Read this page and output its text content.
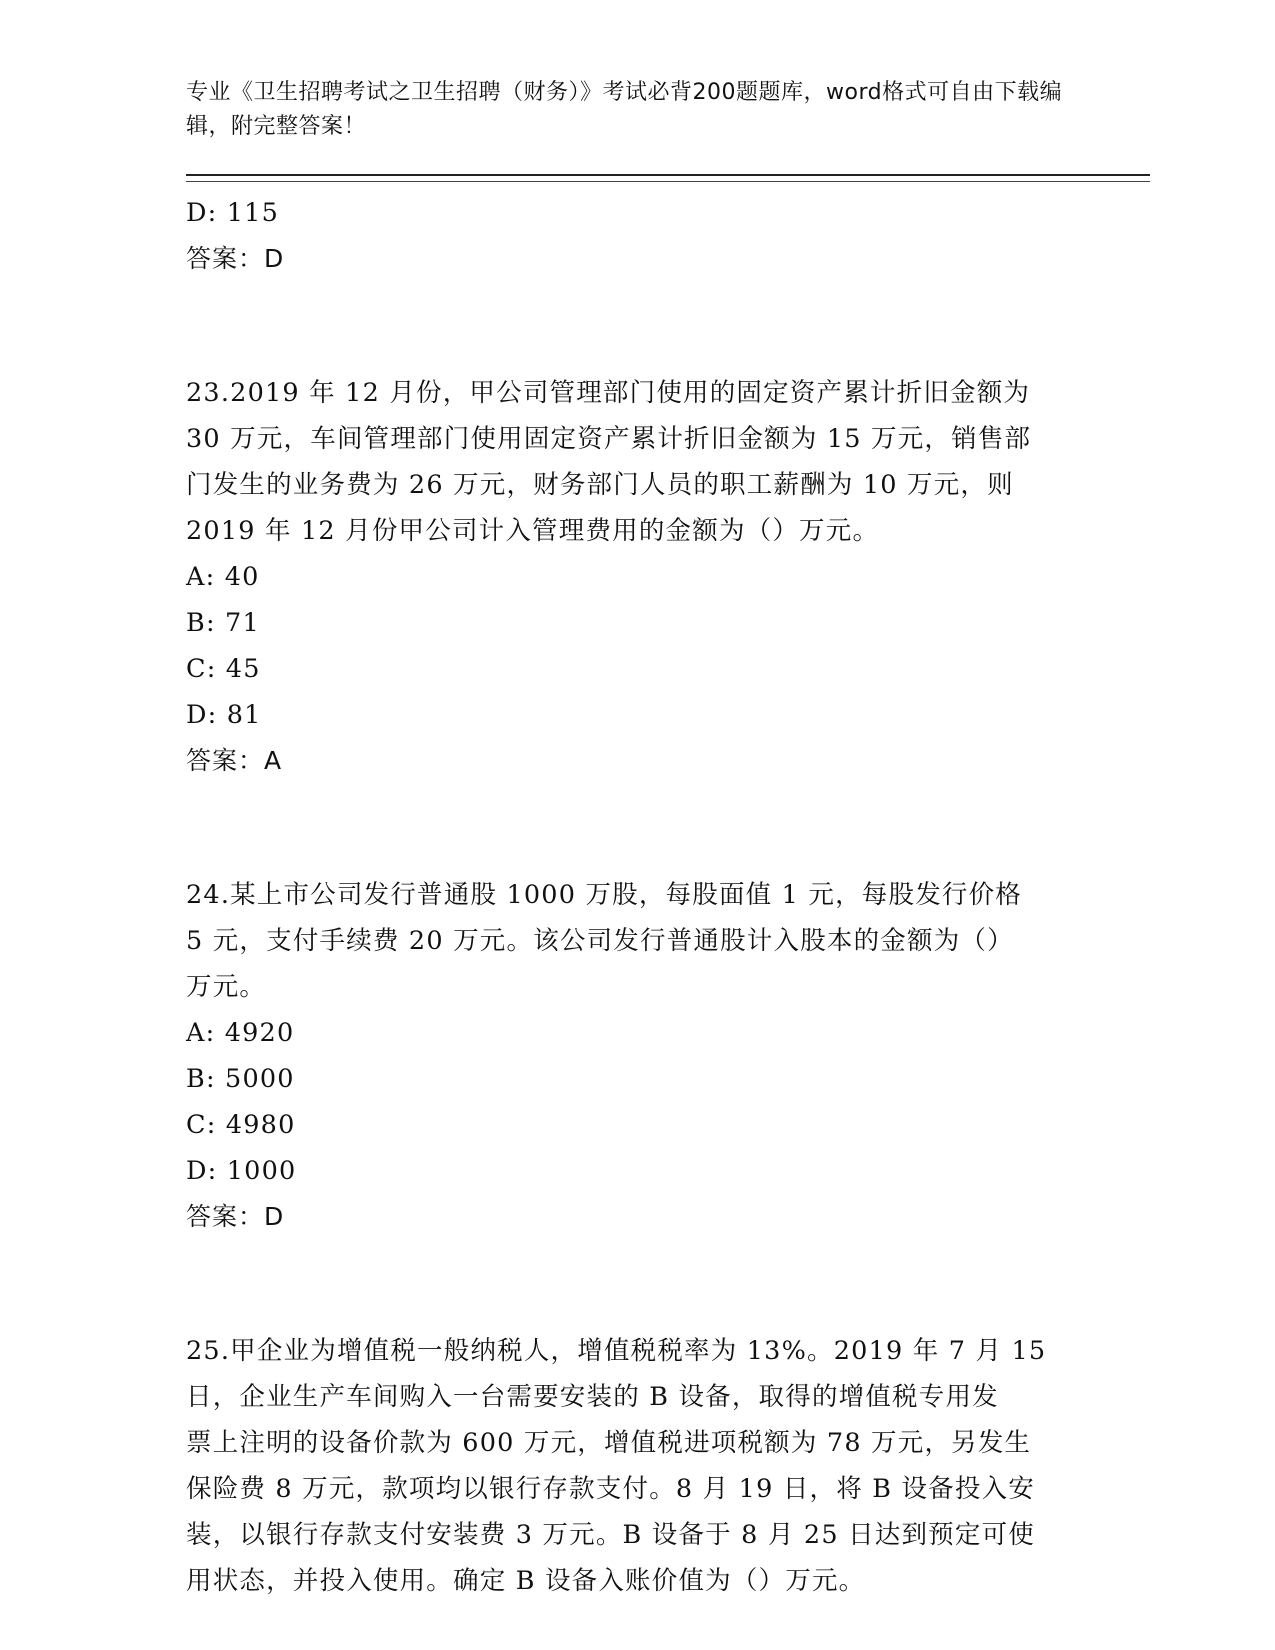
专业《卫生招聘考试之卫生招聘（财务）》考试必背200题题库，word格式可自由下载编辑，附完整答案！
D: 115
答案：D
23.2019 年 12 月份，甲公司管理部门使用的固定资产累计折旧金额为
30 万元，车间管理部门使用固定资产累计折旧金额为 15 万元，销售部
门发生的业务费为 26 万元，财务部门人员的职工薪酬为 10 万元，则
2019 年 12 月份甲公司计入管理费用的金额为（）万元。
A: 40
B: 71
C: 45
D: 81
答案：A
24.某上市公司发行普通股 1000 万股，每股面值 1 元，每股发行价格
5 元，支付手续费 20 万元。该公司发行普通股计入股本的金额为（）
万元。
A: 4920
B: 5000
C: 4980
D: 1000
答案：D
25.甲企业为增值税一般纳税人，增值税税率为 13%。2019 年 7 月 15
日，企业生产车间购入一台需要安装的 B 设备，取得的增值税专用发
票上注明的设备价款为 600 万元，增值税进项税额为 78 万元，另发生
保险费 8 万元，款项均以银行存款支付。8 月 19 日，将 B 设备投入安
装，以银行存款支付安装费 3 万元。B 设备于 8 月 25 日达到预定可使
用状态，并投入使用。确定 B 设备入账价值为（）万元。
